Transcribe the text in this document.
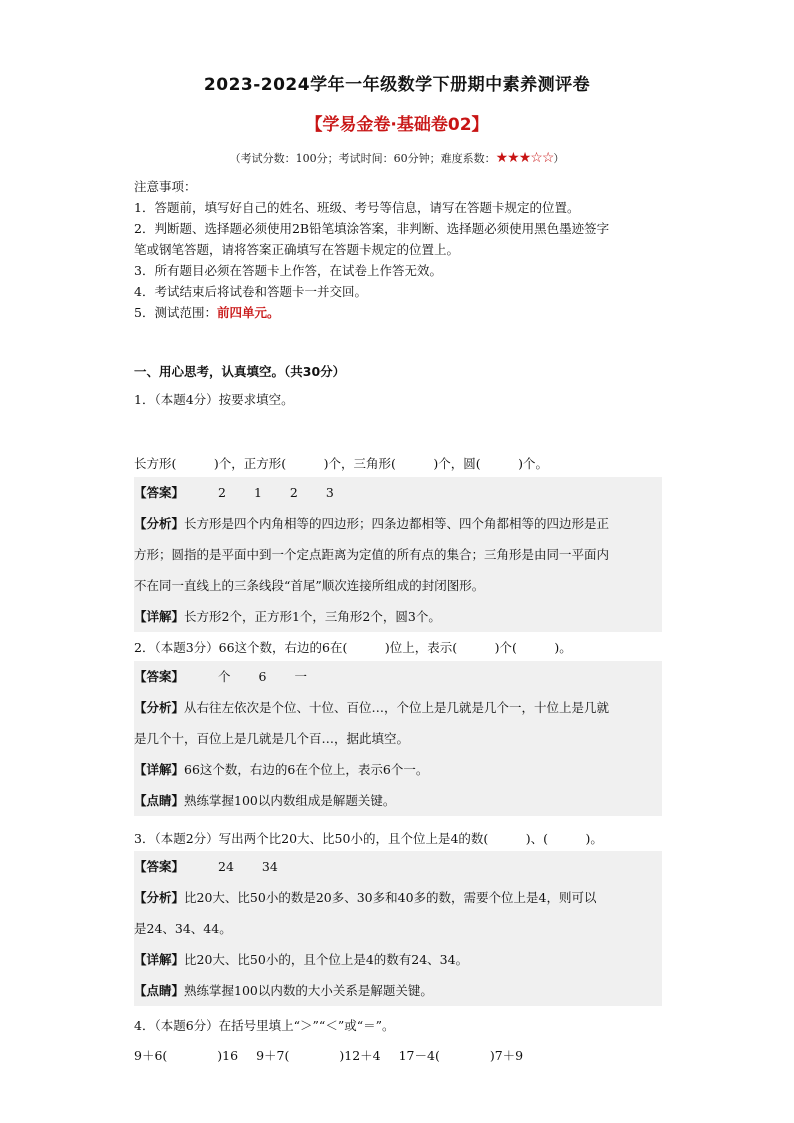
2023-2024学年一年级数学下册期中素养测评卷
【学易金卷·基础卷02】
（考试分数：100分；考试时间：60分钟；难度系数：★★★☆☆）
注意事项：
1．答题前，填写好自己的姓名、班级、考号等信息，请写在答题卡规定的位置。
2．判断题、选择题必须使用2B铅笔填涂答案，非判断、选择题必须使用黑色墨迹签字
笔或钢笔答题，请将答案正确填写在答题卡规定的位置上。
3．所有题目必须在答题卡上作答，在试卷上作答无效。
4．考试结束后将试卷和答题卡一并交回。
5．测试范围：前四单元。
一、用心思考，认真填空。（共30分）
1．（本题4分）按要求填空。
长方形(　　　)个，正方形(　　　)个，三角形(　　　)个，圆(　　　)个。
【答案】	2 1 2 3
【分析】长方形是四个内角相等的四边形；四条边都相等、四个角都相等的四边形是正
方形；圆指的是平面中到一个定点距离为定值的所有点的集合；三角形是由同一平面内
不在同一直线上的三条线段“首尾”顺次连接所组成的封闭图形。
【详解】长方形2个，正方形1个，三角形2个，圆3个。
2．（本题3分）66这个数，右边的6在(　　　)位上，表示(　　　)个(　　　)。
【答案】	个 6 一
【分析】从右往左依次是个位、十位、百位…，个位上是几就是几个一，十位上是几就
是几个十，百位上是几就是几个百…，据此填空。
【详解】66这个数，右边的6在个位上，表示6个一。
【点睛】熟练掌握100以内数组成是解题关键。
3．（本题2分）写出两个比20大、比50小的，且个位上是4的数(　　　)、(　　　)。
【答案】	24 34
【分析】比20大、比50小的数是20多、30多和40多的数，需要个位上是4，则可以
是24、34、44。
【详解】比20大、比50小的，且个位上是4的数有24、34。
【点睛】熟练掌握100以内数的大小关系是解题关键。
4．（本题6分）在括号里填上“＞”“＜”或“＝”。
9＋6(　　　　)16 9＋7(　　　　)12＋4 17－4(　　　　)7＋9
